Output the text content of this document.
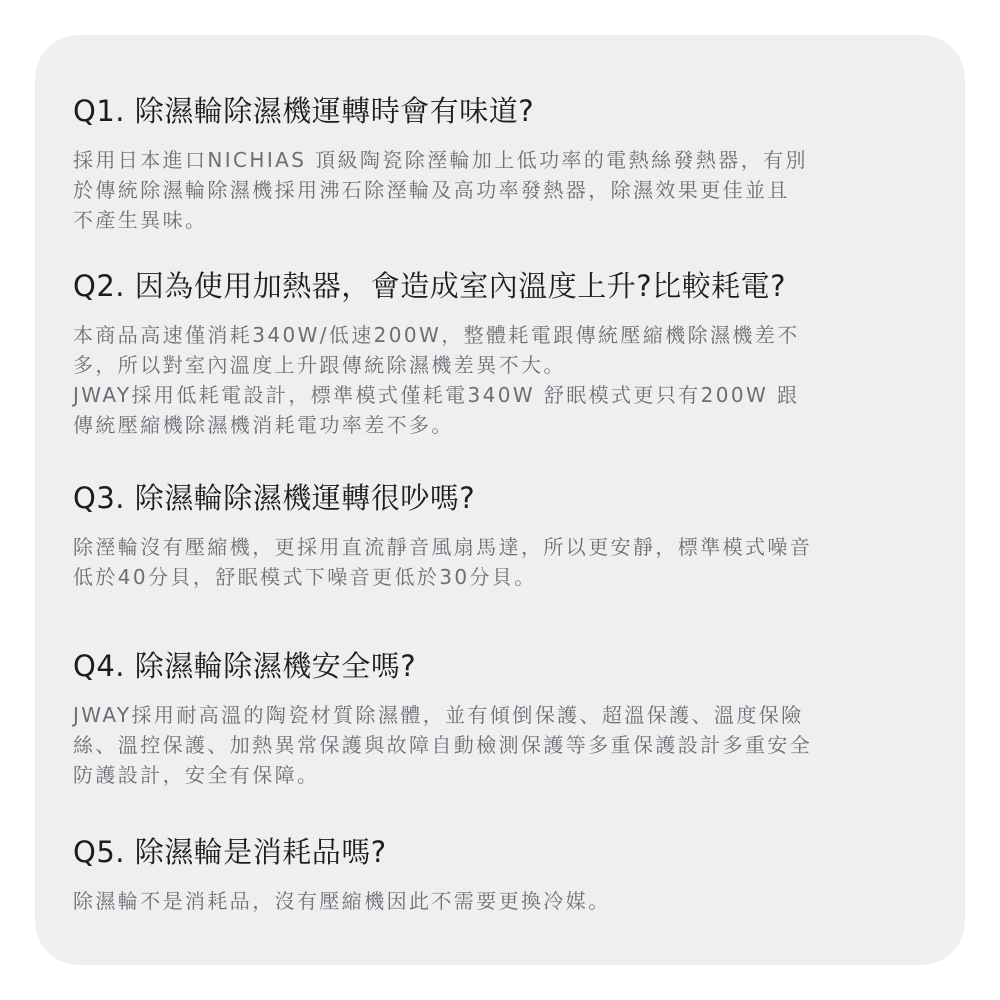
Q1. 除濕輪除濕機運轉時會有味道?

採用日本進口NICHIAS 頂級陶瓷除溼輪加上低功率的電熱絲發熱器，有別
於傳統除濕輪除濕機採用沸石除溼輪及高功率發熱器，除濕效果更佳並且
不產生異味。

Q2. 因為使用加熱器，會造成室內溫度上升?比較耗電?

本商品高速僅消耗340W/低速200W，整體耗電跟傳統壓縮機除濕機差不
多，所以對室內溫度上升跟傳統除濕機差異不大。
JWAY採用低耗電設計，標準模式僅耗電340W 舒眠模式更只有200W 跟
傳統壓縮機除濕機消耗電功率差不多。

Q3. 除濕輪除濕機運轉很吵嗎?

除溼輪沒有壓縮機，更採用直流靜音風扇馬達，所以更安靜，標準模式噪音
低於40分貝，舒眠模式下噪音更低於30分貝。

Q4. 除濕輪除濕機安全嗎?

JWAY採用耐高溫的陶瓷材質除濕體，並有傾倒保護、超溫保護、溫度保險
絲、溫控保護、加熱異常保護與故障自動檢測保護等多重保護設計多重安全
防護設計，安全有保障。

Q5. 除濕輪是消耗品嗎?

除濕輪不是消耗品，沒有壓縮機因此不需要更換冷媒。
